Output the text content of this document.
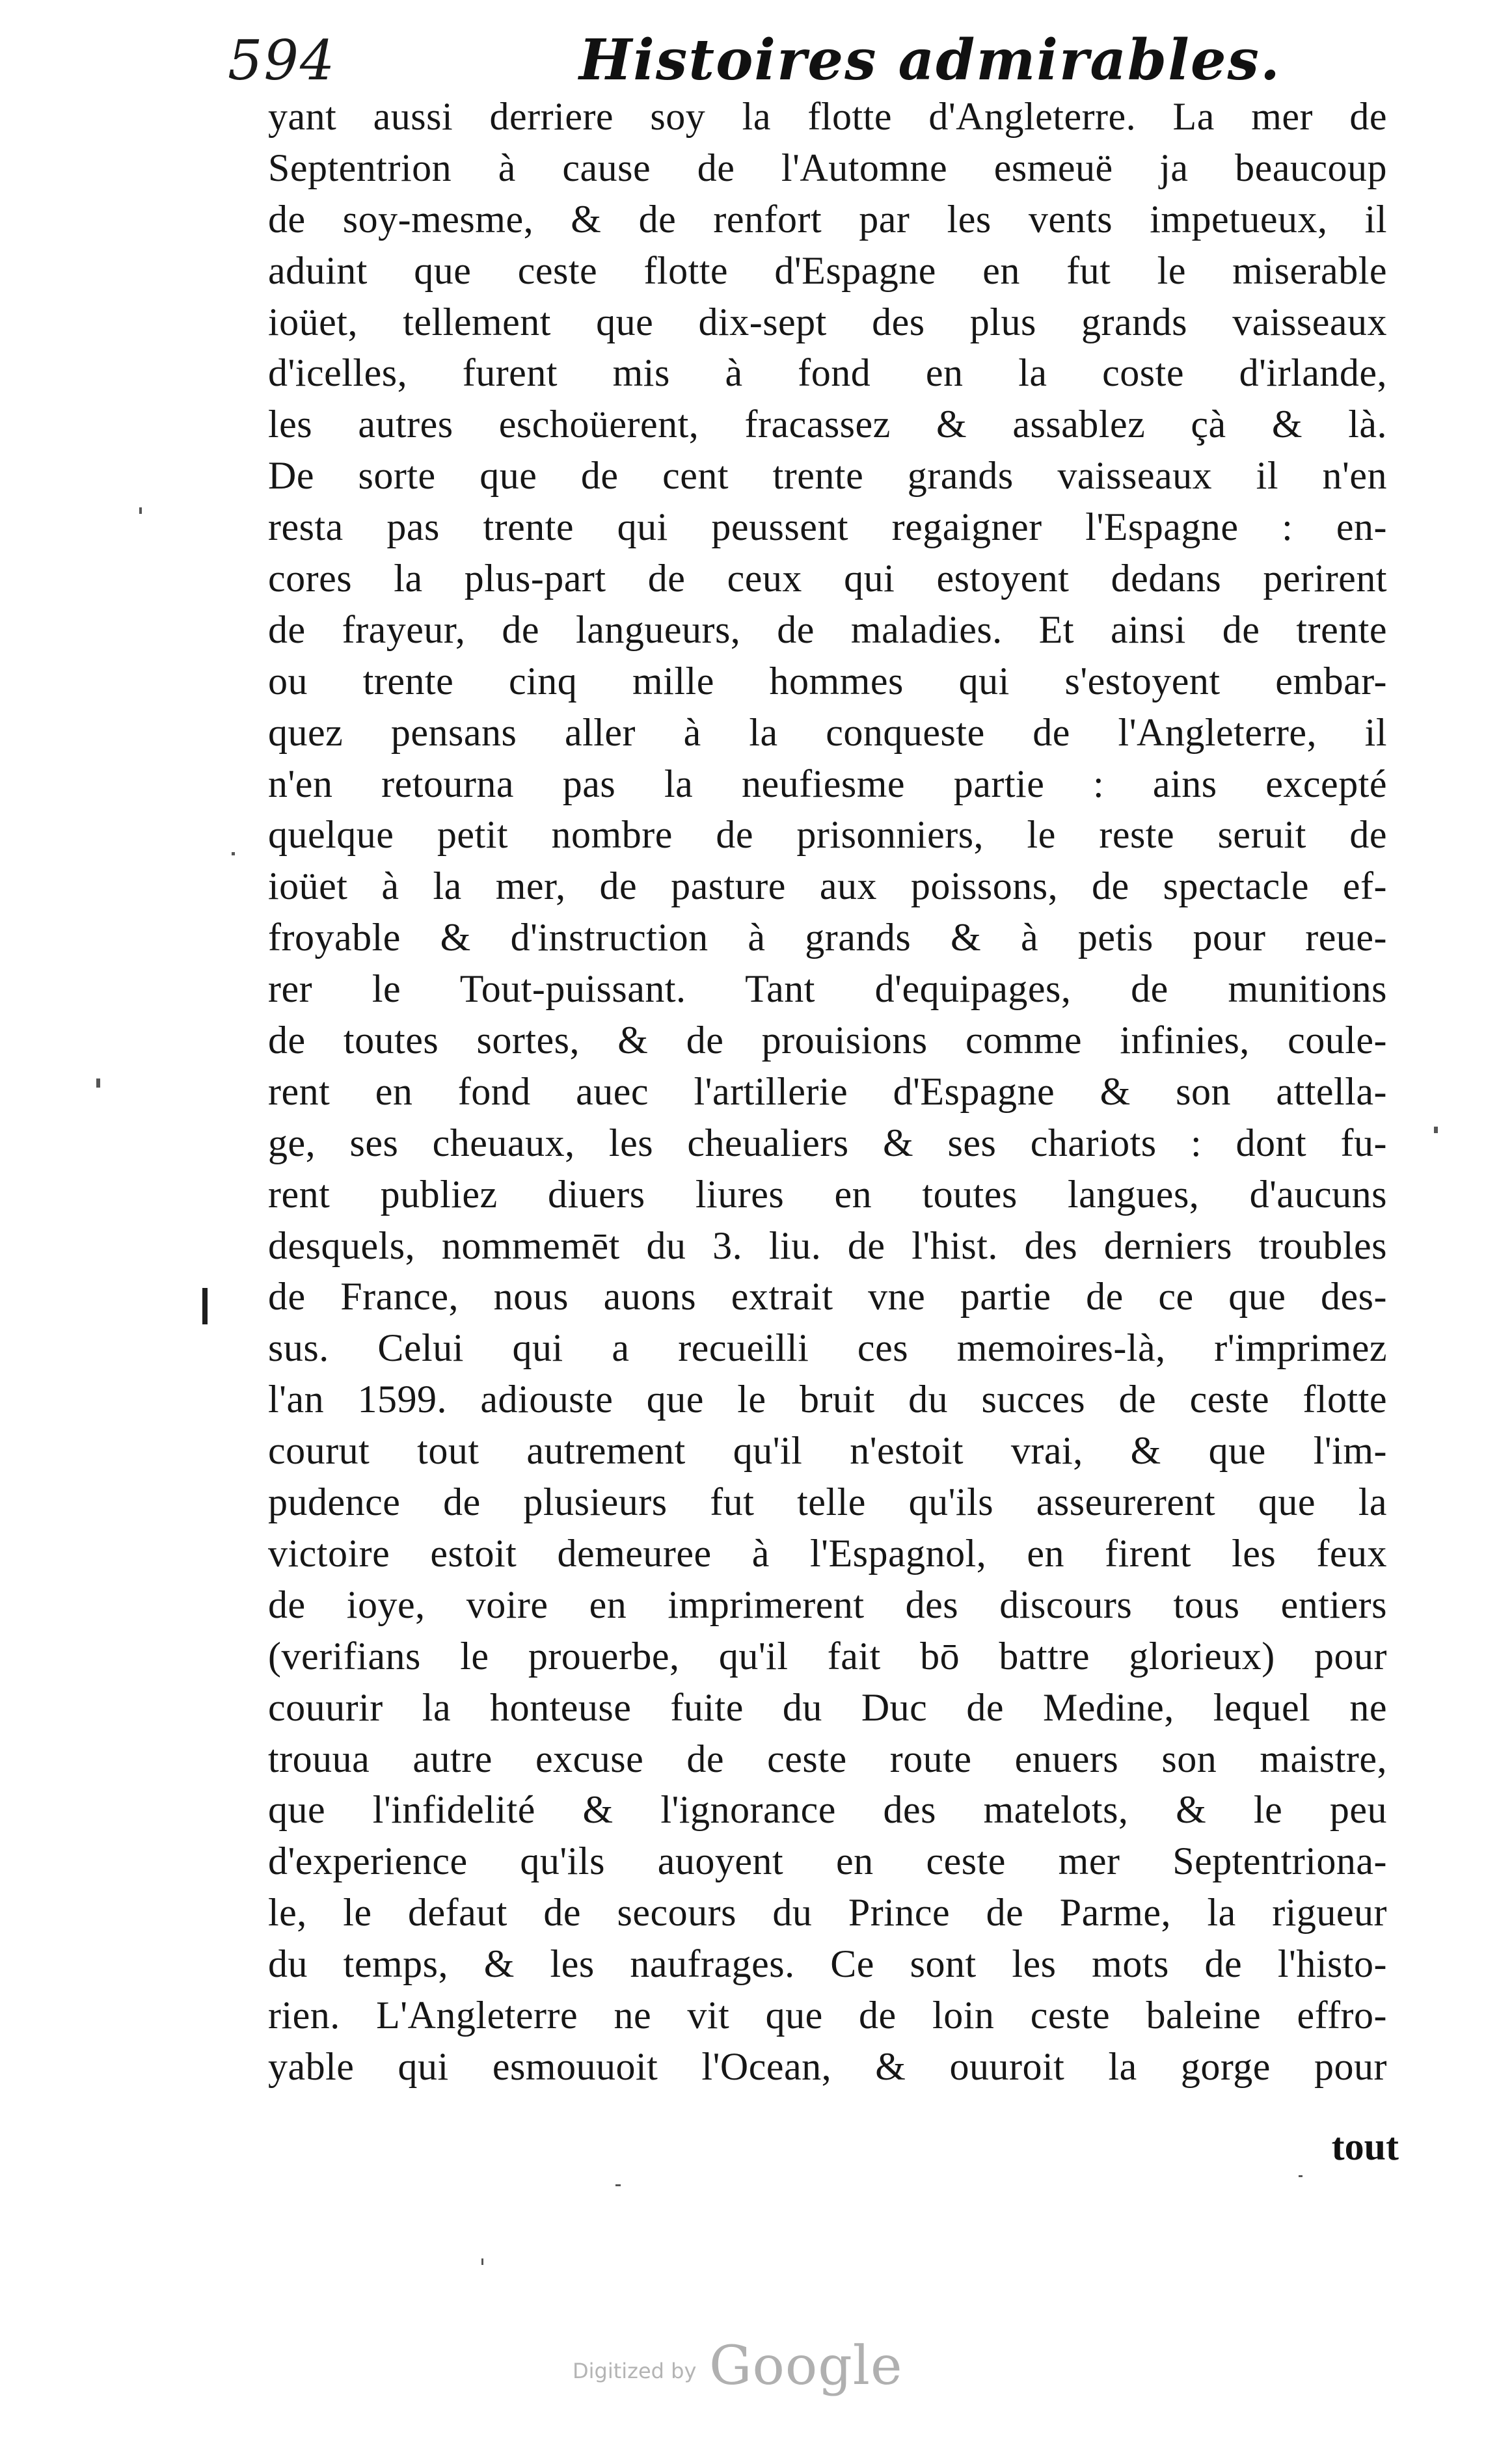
594	Histoires admirables.
yant aussi derriere soy la flotte d'Angleterre. La mer de
Septentrion à cause de l'Automne esmeuë ja beaucoup
de soy-mesme, & de renfort par les vents impetueux, il
aduint que ceste flotte d'Espagne en fut le miserable
ioüet, tellement que dix-sept des plus grands vaisseaux
d'icelles, furent mis à fond en la coste d'irlande,
les autres eschoüerent, fracassez & assablez çà & là.
De sorte que de cent trente grands vaisseaux il n'en
resta pas trente qui peussent regaigner l'Espagne : en-
cores la plus-part de ceux qui estoyent dedans perirent
de frayeur, de langueurs, de maladies. Et ainsi de trente
ou trente cinq mille hommes qui s'estoyent embar-
quez pensans aller à la conqueste de l'Angleterre, il
n'en retourna pas la neufiesme partie : ains excepté
quelque petit nombre de prisonniers, le reste seruit de
ioüet à la mer, de pasture aux poissons, de spectacle ef-
froyable & d'instruction à grands & à petis pour reue-
rer le Tout-puissant. Tant d'equipages, de munitions
de toutes sortes, & de prouisions comme infinies, coule-
rent en fond auec l'artillerie d'Espagne & son attella-
ge, ses cheuaux, les cheualiers & ses chariots : dont fu-
rent publiez diuers liures en toutes langues, d'aucuns
desquels, nommemēt du 3. liu. de l'hist. des derniers troubles
de France, nous auons extrait vne partie de ce que des-
sus. Celui qui a recueilli ces memoires-là, r'imprimez
l'an 1599. adiouste que le bruit du succes de ceste flotte
courut tout autrement qu'il n'estoit vrai, & que l'im-
pudence de plusieurs fut telle qu'ils asseurerent que la
victoire estoit demeuree à l'Espagnol, en firent les feux
de ioye, voire en imprimerent des discours tous entiers
(verifians le prouerbe, qu'il fait bō battre glorieux) pour
couurir la honteuse fuite du Duc de Medine, lequel ne
trouua autre excuse de ceste route enuers son maistre,
que l'infidelité & l'ignorance des matelots, & le peu
d'experience qu'ils auoyent en ceste mer Septentriona-
le, le defaut de secours du Prince de Parme, la rigueur
du temps, & les naufrages. Ce sont les mots de l'histo-
rien. L'Angleterre ne vit que de loin ceste baleine effro-
yable qui esmouuoit l'Ocean, & ouuroit la gorge pour
tout
Digitized by Google
